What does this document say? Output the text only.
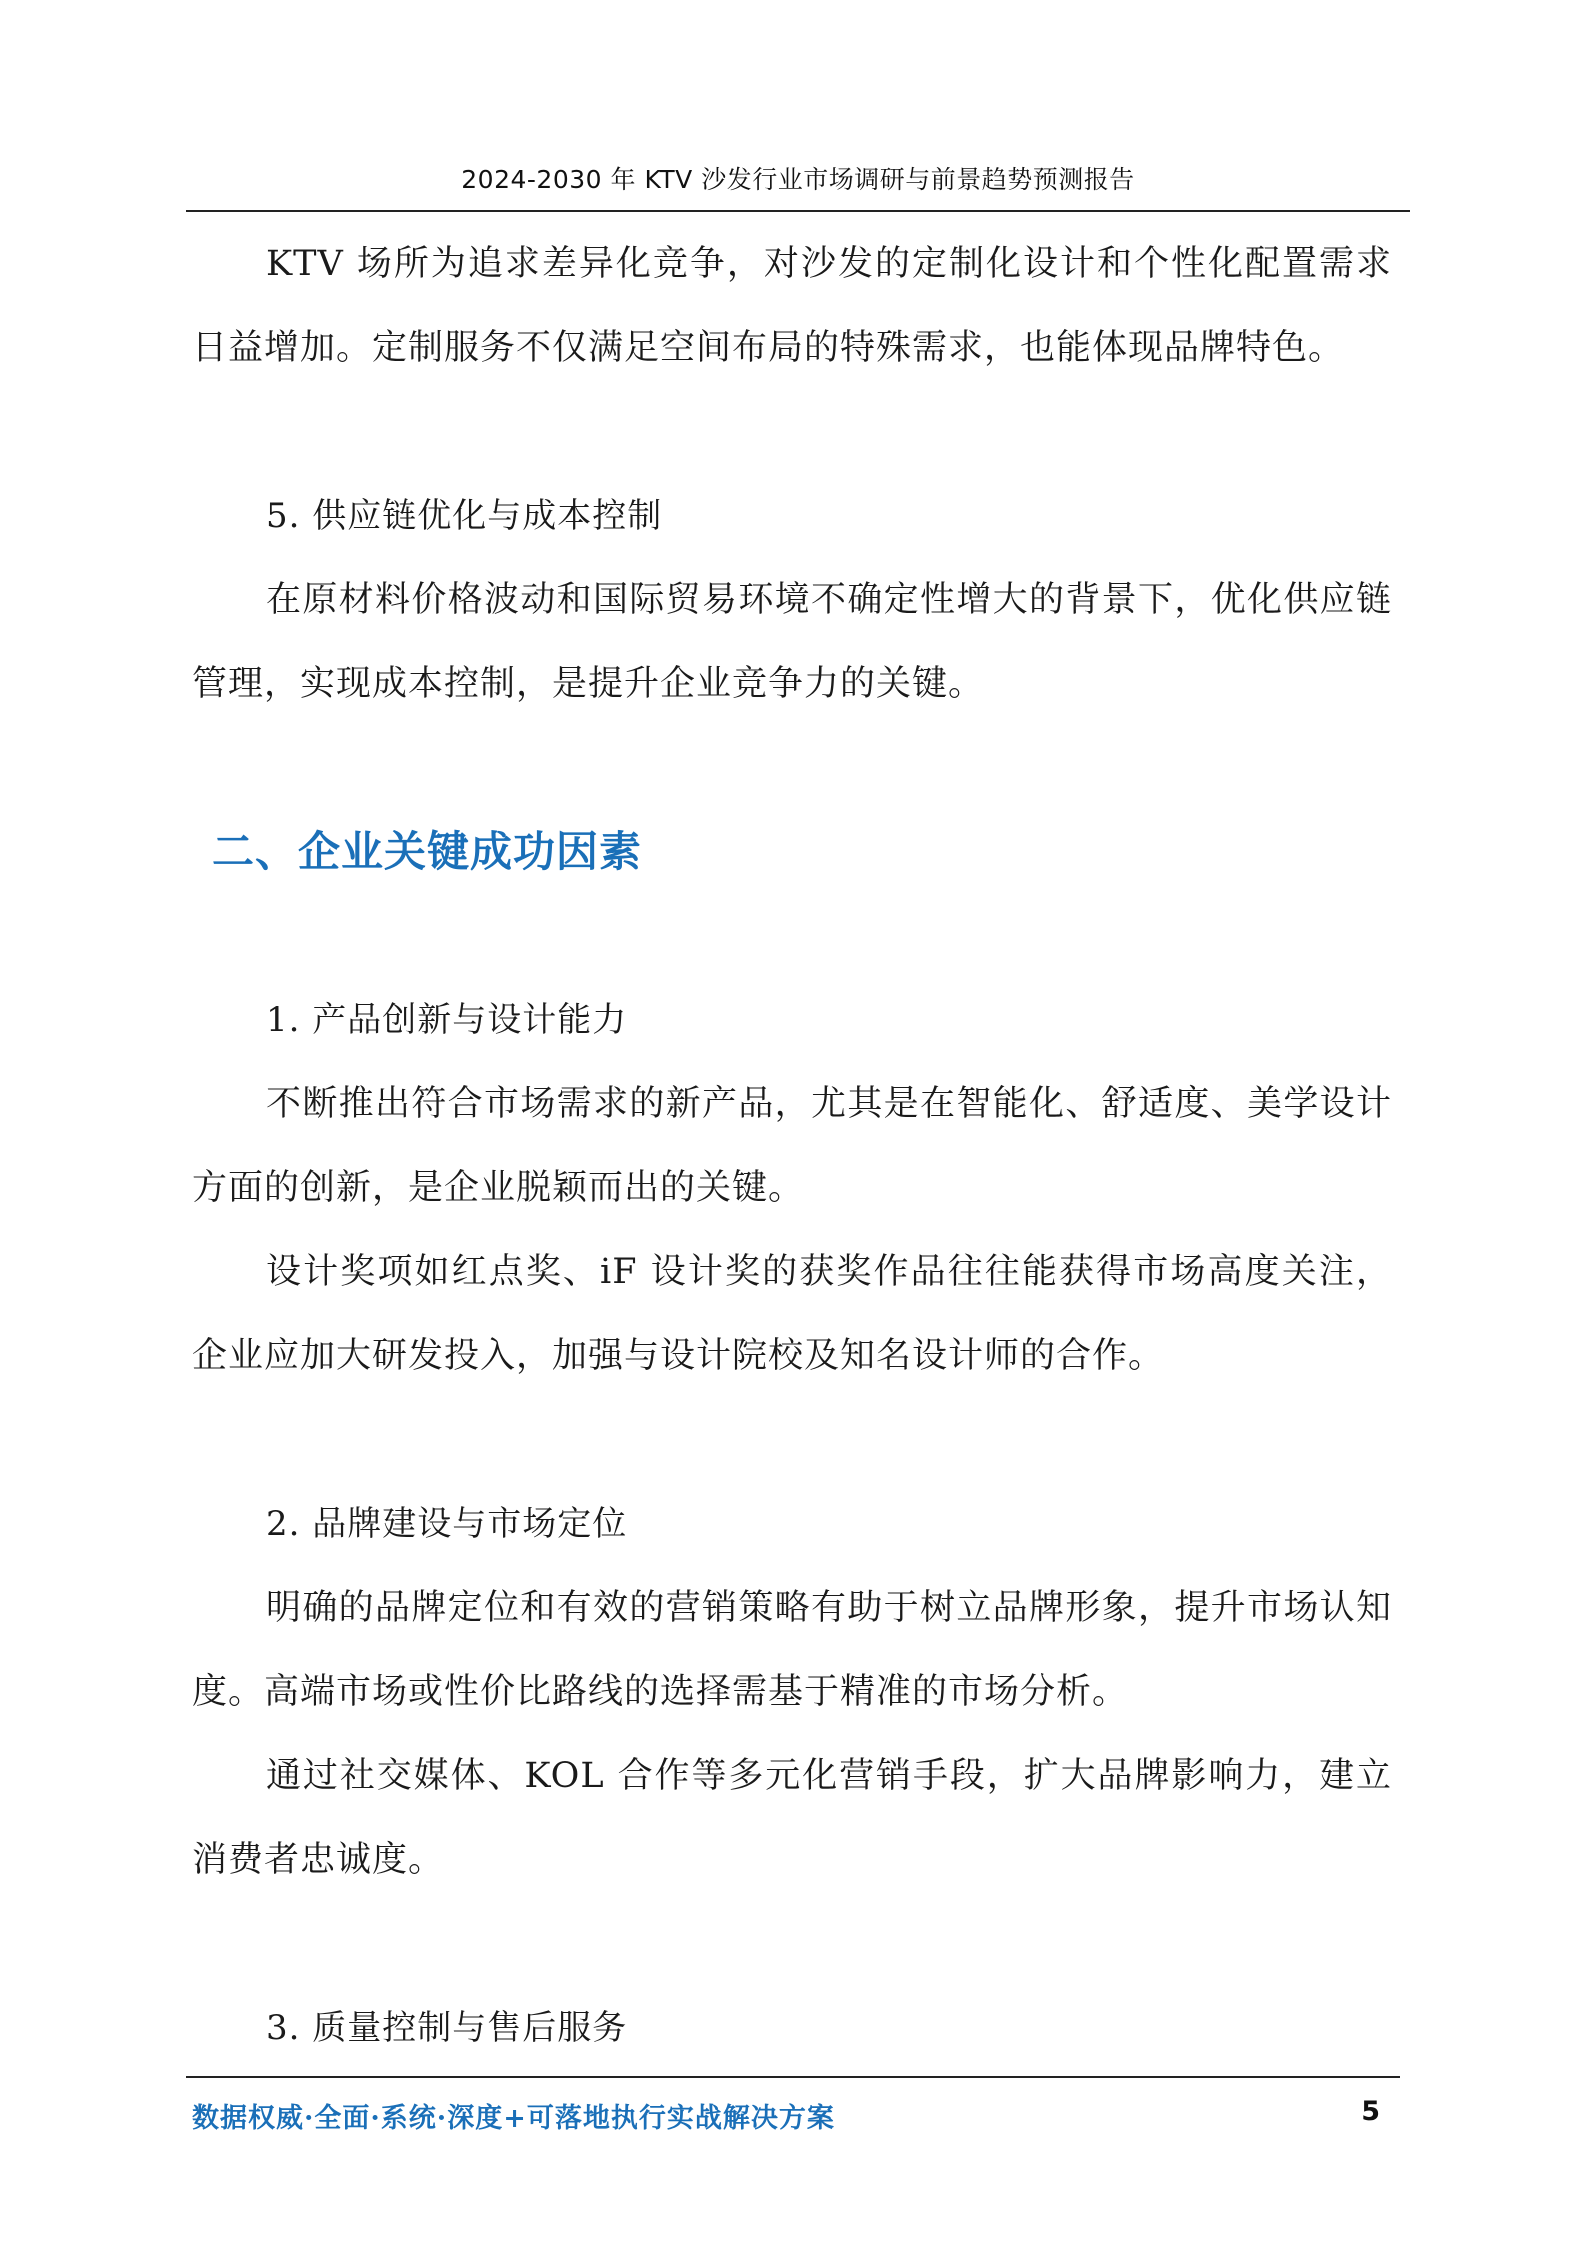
2024-2030 年 KTV 沙发行业市场调研与前景趋势预测报告

KTV 场所为追求差异化竞争，对沙发的定制化设计和个性化配置需求日益增加。定制服务不仅满足空间布局的特殊需求，也能体现品牌特色。

5. 供应链优化与成本控制

在原材料价格波动和国际贸易环境不确定性增大的背景下，优化供应链管理，实现成本控制，是提升企业竞争力的关键。

二、企业关键成功因素

1. 产品创新与设计能力

不断推出符合市场需求的新产品，尤其是在智能化、舒适度、美学设计方面的创新，是企业脱颖而出的关键。

设计奖项如红点奖、iF 设计奖的获奖作品往往能获得市场高度关注，企业应加大研发投入，加强与设计院校及知名设计师的合作。

2. 品牌建设与市场定位

明确的品牌定位和有效的营销策略有助于树立品牌形象，提升市场认知度。高端市场或性价比路线的选择需基于精准的市场分析。

通过社交媒体、KOL 合作等多元化营销手段，扩大品牌影响力，建立消费者忠诚度。

3. 质量控制与售后服务

数据权威·全面·系统·深度+可落地执行实战解决方案	5
